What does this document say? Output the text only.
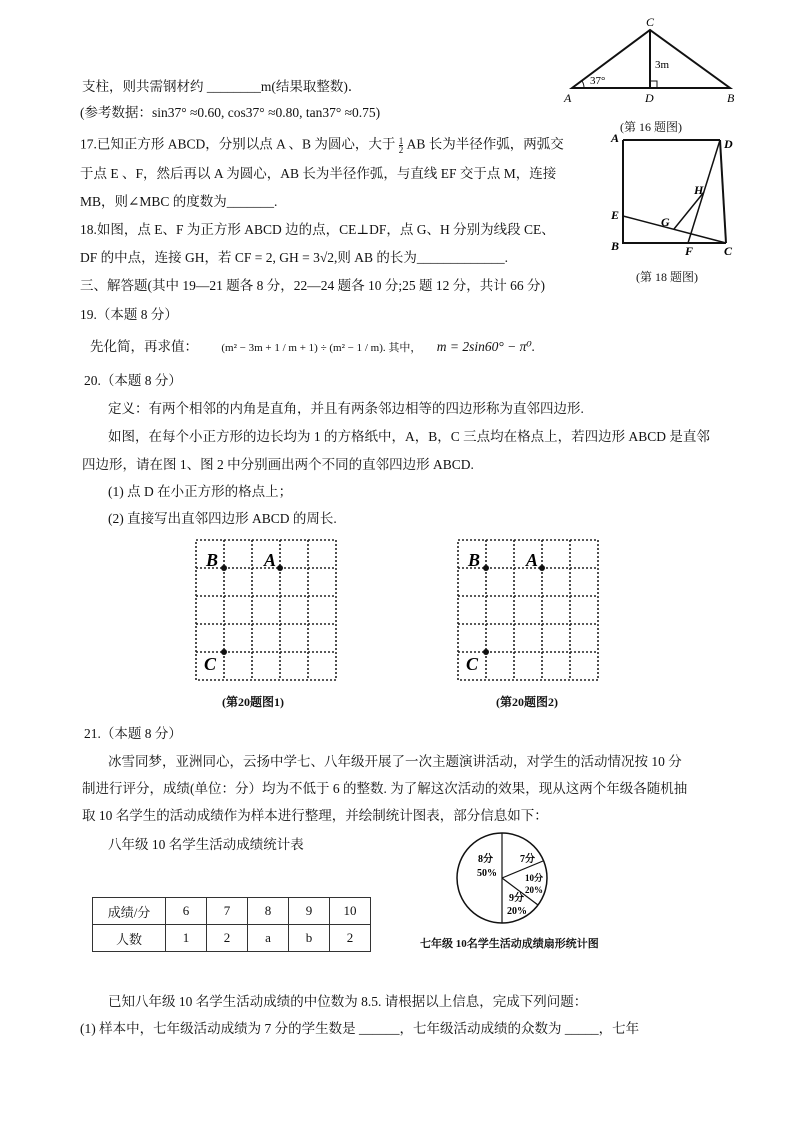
支柱，则共需钢材约 ________m(结果取整数)．
(参考数据：sin37° ≈0.60, cos37° ≈0.80, tan37° ≈0.75)
17.已知正方形 ABCD，分别以点 A 、B 为圆心，大于 $\frac{1}{2}$ AB 长为半径作弧，两弧交
于点 E 、F，然后再以 A 为圆心，AB 长为半径作弧，与直线 EF 交于点 M，连接
MB，则∠MBC 的度数为_______.
18.如图，点 E、F 为正方形 ABCD 边的点，CE⊥DF，点 G、H 分别为线段 CE、
DF 的中点，连接 GH，若 CF = 2, GH = 3√2,则 AB 的长为_____________.
三、解答题(其中 19—21 题各 8 分，22—24 题各 10 分;25 题 12 分，共计 66 分)
19.（本题 8 分）
先化简，再求值： (m² − 3m + 1 / m + 1) ÷ (m² − 1 / m). 其中， m = 2sin60° − π⁰.
20.（本题 8 分）
定义：有两个相邻的内角是直角，并且有两条邻边相等的四边形称为直邻四边形.
如图，在每个小正方形的边长均为 1 的方格纸中，A，B，C 三点均在格点上，若四边形 ABCD 是直邻
四边形，请在图 1、图 2 中分别画出两个不同的直邻四边形 ABCD.
(1) 点 D 在小正方形的格点上；
(2) 直接写出直邻四边形 ABCD 的周长.
21.（本题 8 分）
冰雪同梦，亚洲同心，云扬中学七、八年级开展了一次主题演讲活动，对学生的活动情况按 10 分
制进行评分，成绩(单位：分）均为不低于 6 的整数. 为了解这次活动的效果，现从这两个年级各随机抽
取 10 名学生的活动成绩作为样本进行整理，并绘制统计图表，部分信息如下：
八年级 10 名学生活动成绩统计表
已知八年级 10 名学生活动成绩的中位数为 8.5. 请根据以上信息，完成下列问题：
(1) 样本中，七年级活动成绩为 7 分的学生数是 ______，七年级活动成绩的众数为 _____，七年
C
A	D	B
37°
3m
(第 16 题图)
A	D
H
E	G
B	F	C
(第 18 题图)
B	A
C
(第20题图1)
B	A
C
(第20题图2)
成绩/分	6	7	8	9	10
人数	1	2	a	b	2
8分
50%
7分
10分
20%
9分
20%
七年级 10名学生活动成绩扇形统计图
